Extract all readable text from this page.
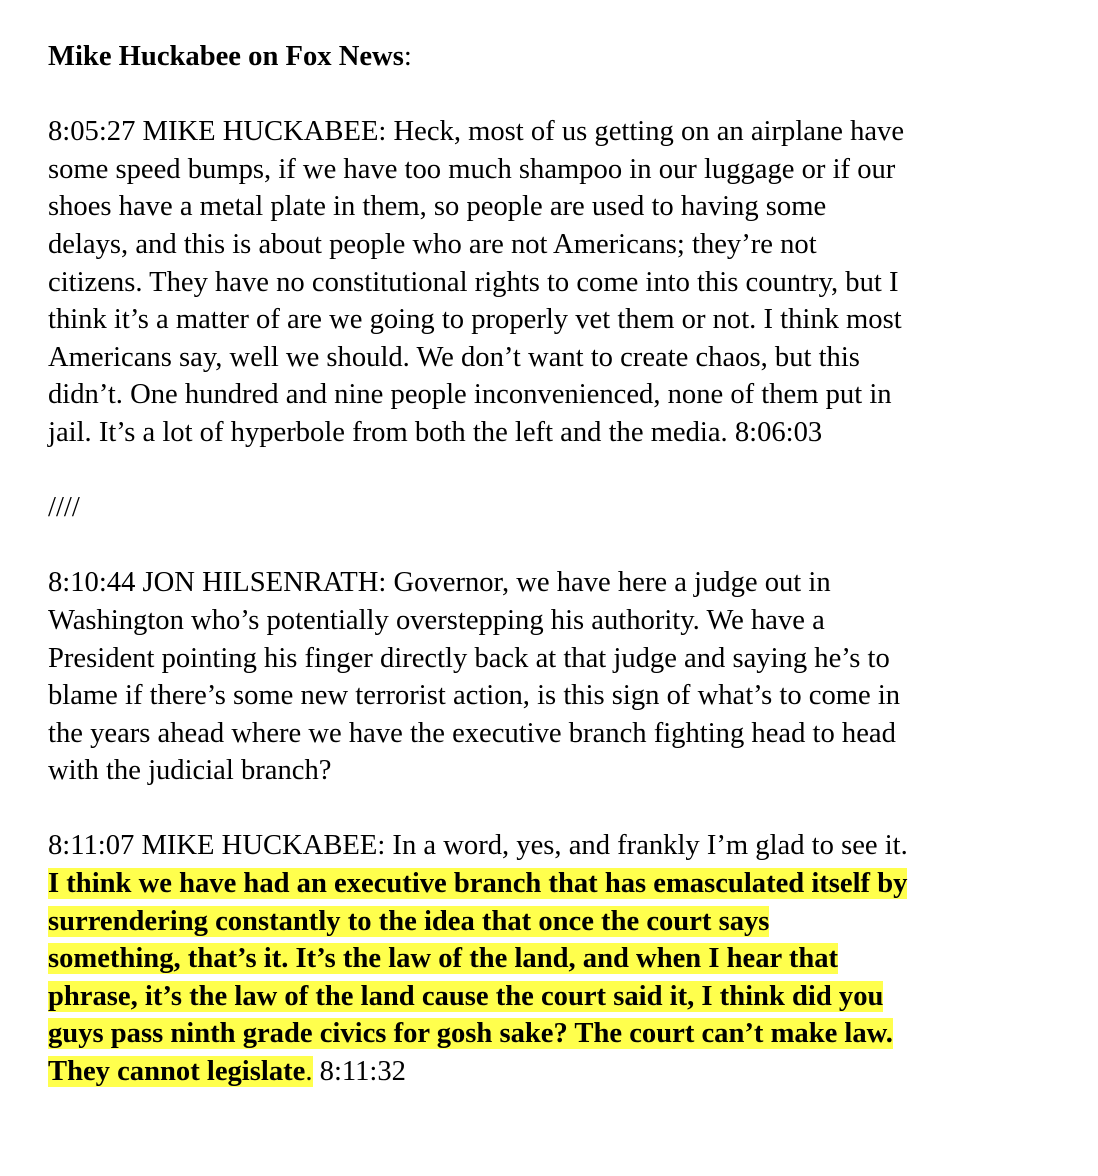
Mike Huckabee on Fox News:

8:05:27 MIKE HUCKABEE: Heck, most of us getting on an airplane have
some speed bumps, if we have too much shampoo in our luggage or if our
shoes have a metal plate in them, so people are used to having some
delays, and this is about people who are not Americans; they’re not
citizens. They have no constitutional rights to come into this country, but I
think it’s a matter of are we going to properly vet them or not. I think most
Americans say, well we should. We don’t want to create chaos, but this
didn’t. One hundred and nine people inconvenienced, none of them put in
jail. It’s a lot of hyperbole from both the left and the media. 8:06:03

////

8:10:44 JON HILSENRATH: Governor, we have here a judge out in
Washington who’s potentially overstepping his authority. We have a
President pointing his finger directly back at that judge and saying he’s to
blame if there’s some new terrorist action, is this sign of what’s to come in
the years ahead where we have the executive branch fighting head to head
with the judicial branch?

8:11:07 MIKE HUCKABEE: In a word, yes, and frankly I’m glad to see it.
I think we have had an executive branch that has emasculated itself by
surrendering constantly to the idea that once the court says
something, that’s it. It’s the law of the land, and when I hear that
phrase, it’s the law of the land cause the court said it, I think did you
guys pass ninth grade civics for gosh sake? The court can’t make law.
They cannot legislate. 8:11:32
